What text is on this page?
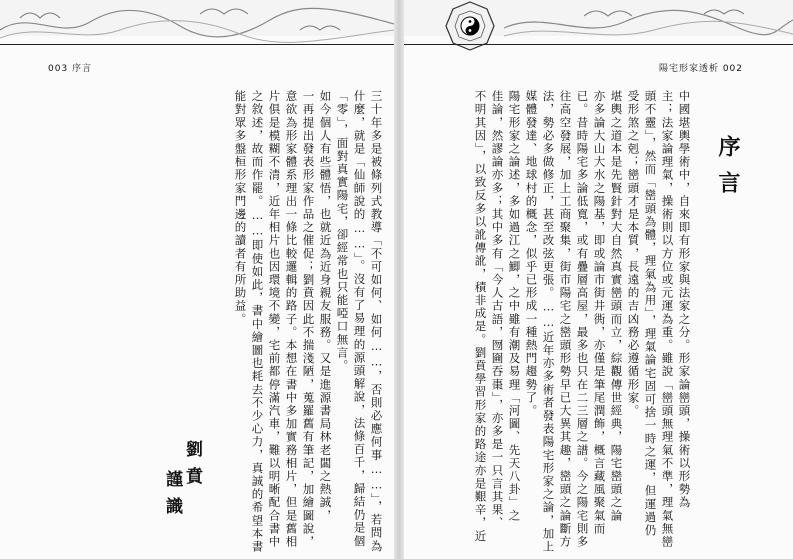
003 序言	陽宅形家透析 002
序言
中國堪輿學術中，自來即有形家與法家之分。形家論巒頭，操術以形勢為
主；法家論理氣，操術則以方位或元運為重。雖說「巒頭無理氣不準，理氣無巒
頭不靈」，然而「巒頭為體，理氣為用」，理氣論宅固可捨一時之運，但運過仍
受形煞之剋；巒頭才是本質，長遠的吉凶務必遵循形家。
堪輿之道本是先賢針對大自然真實巒頭而立，綜觀傳世經典，陽宅巒頭之論
亦多論大山大水之陽基，即或論市街井衖，亦僅是筆尾潤飾，概言藏風聚氣而
已。昔時陽宅多論低寬，或有疊層高屋，最多也只在二三層之譜。今之陽宅則多
往高空發展，加上工商聚集，街市陽宅之巒頭形勢早已大異其趣，巒頭之論斷方
法，勢必多做修正，甚至改弦更張。……近年亦多術者發表陽宅形家之論，加上
媒體發達、地球村的概念，似乎已形成一種熱門趨勢了。
陽宅形家之論述，多如過江之鯽，之中雖有潮及易理「河圖、先天八卦」之
佳論，然謬論亦多；其中多有「今人古語，囫圇吞棗」，亦多是一只言其果、
不明其因」，以致反多以訛傳訛，積非成是。劉賁學習形家的路途亦是艱辛，近
三十年多是被條列式教導「不可如何、如何……，否則必應何事……」，若問為
什麼，就是「仙師說的……」。沒有了易理的源頭解說，法條百千，歸結仍是個
「零」，面對真實陽宅，卻經常也只能啞口無言。
如今個人有些體悟，也就近為近身親友服務。又是進源書局林老闆之熱誠，
一再提出發表形家作品之催促；劉賁因此不揣淺陋，蒐羅舊有筆記，加繪圖說，
意欲為形家體系理出一條比較邏輯的路子。本想在書中多加實務相片，但是舊相
片俱是模糊不清，近年相片也因環境不變，宅前都停滿汽車，難以明晰配合書中
之敘述，故而作罷。……即使如此，書中繪圖也耗去不少心力，真誠的希望本書
能對眾多盤桓形家門邊的讀者有所助益。
劉賁
謹識
